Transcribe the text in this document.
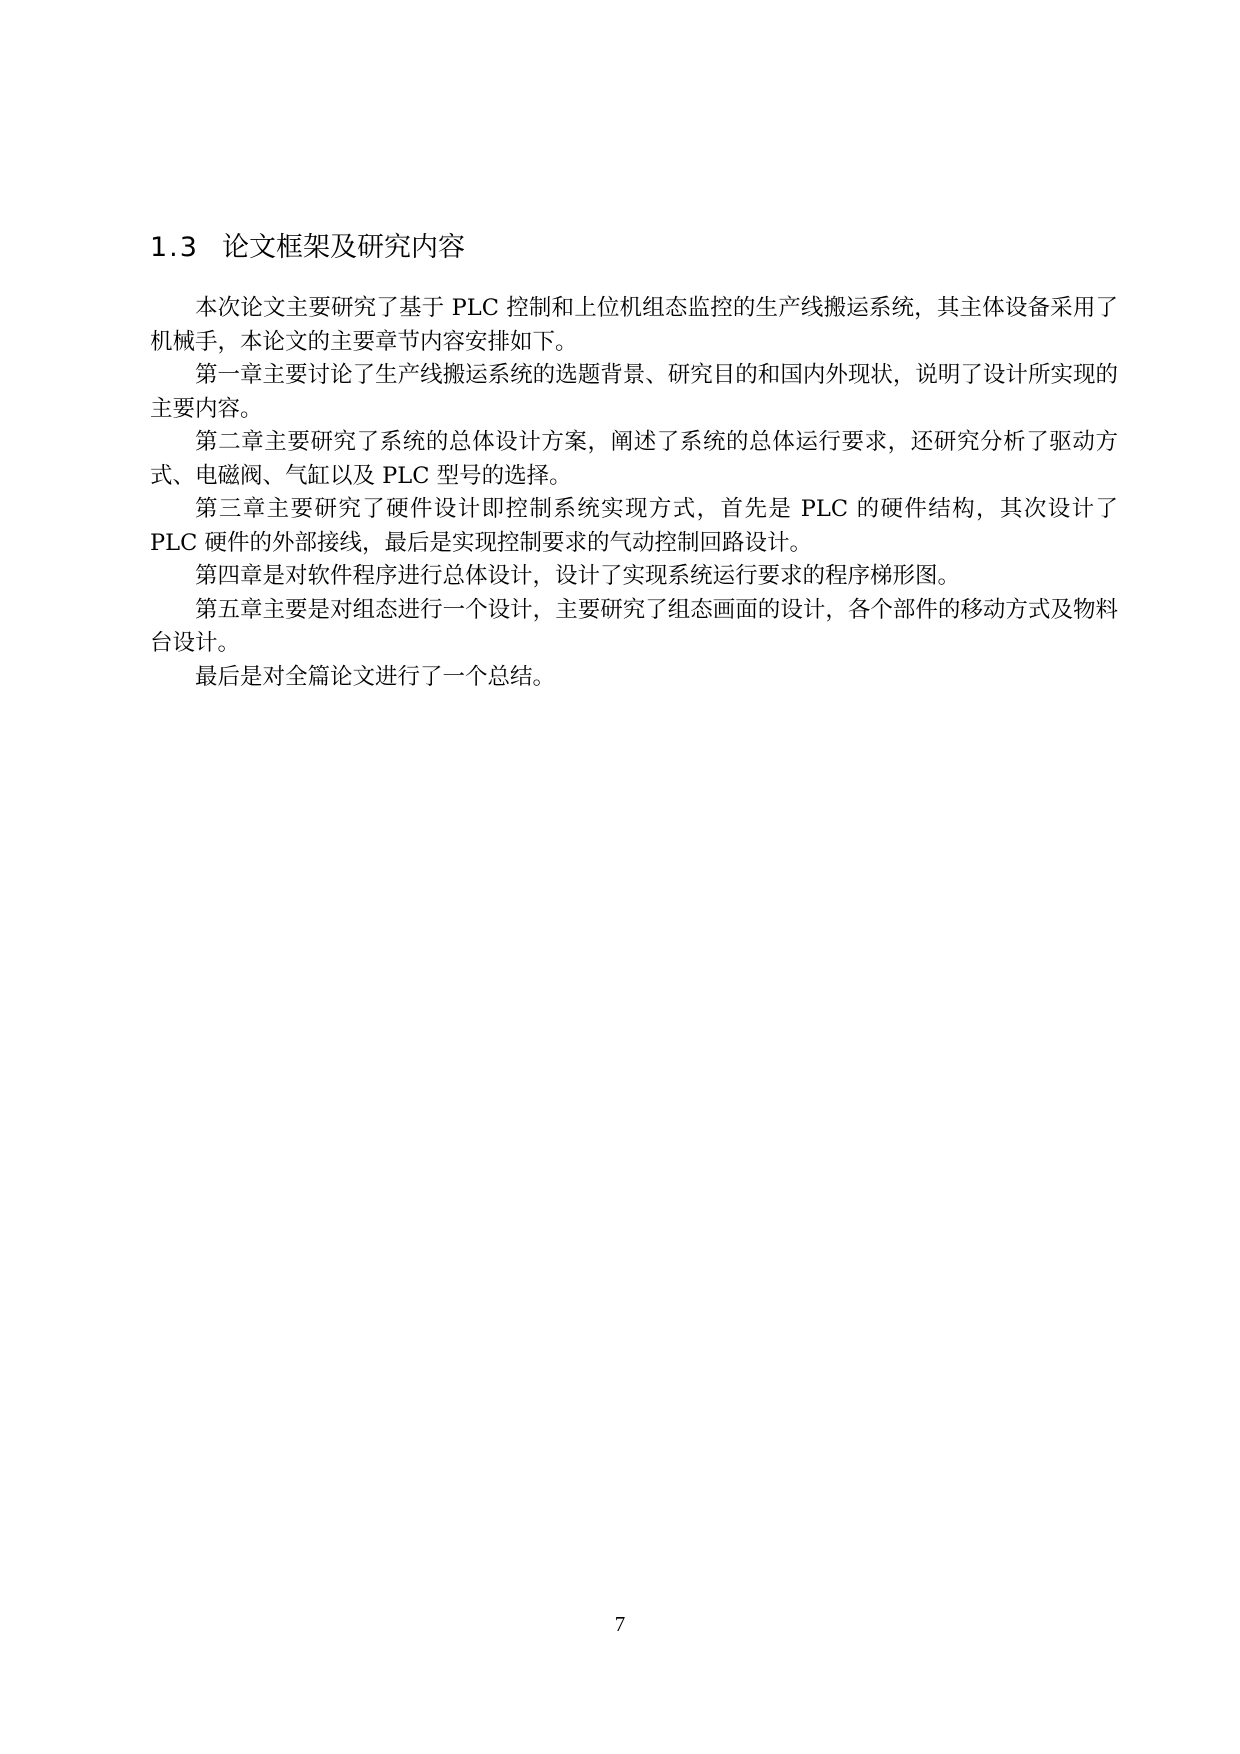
1.3 论文框架及研究内容

本次论文主要研究了基于 PLC 控制和上位机组态监控的生产线搬运系统，其主体设备采用了机械手，本论文的主要章节内容安排如下。

第一章主要讨论了生产线搬运系统的选题背景、研究目的和国内外现状，说明了设计所实现的主要内容。

第二章主要研究了系统的总体设计方案，阐述了系统的总体运行要求，还研究分析了驱动方式、电磁阀、气缸以及 PLC 型号的选择。

第三章主要研究了硬件设计即控制系统实现方式，首先是 PLC 的硬件结构，其次设计了 PLC 硬件的外部接线，最后是实现控制要求的气动控制回路设计。

第四章是对软件程序进行总体设计，设计了实现系统运行要求的程序梯形图。

第五章主要是对组态进行一个设计，主要研究了组态画面的设计，各个部件的移动方式及物料台设计。

最后是对全篇论文进行了一个总结。

7
